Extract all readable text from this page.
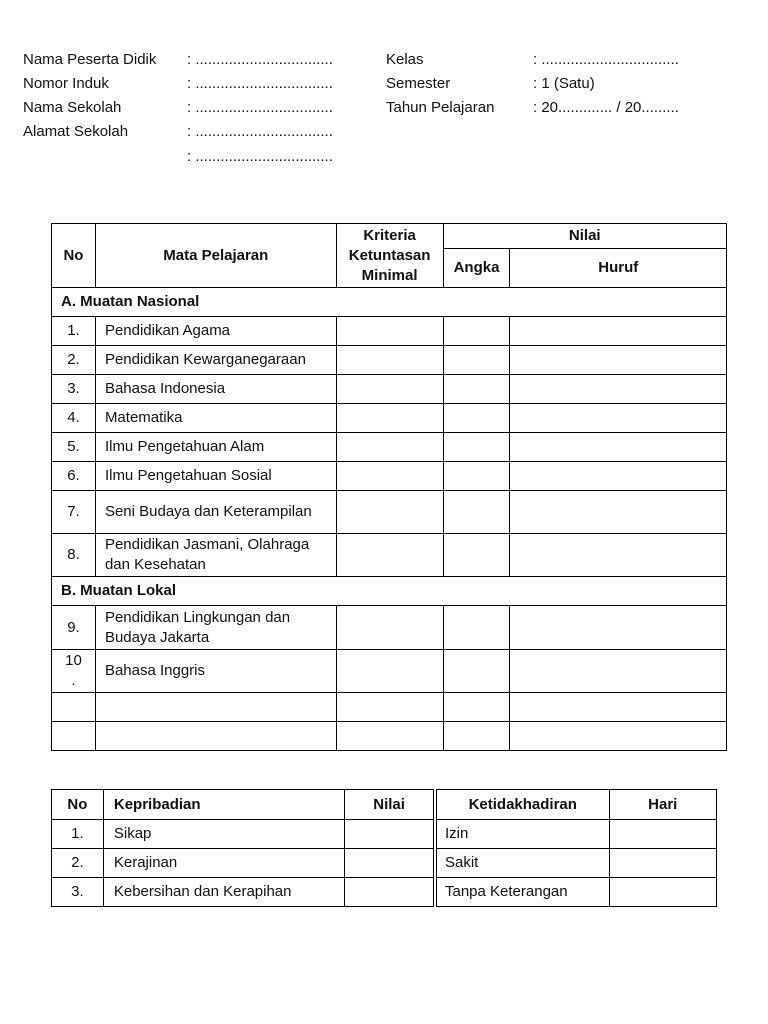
Nama Peserta Didik : .................................
Nomor Induk	: .................................
Nama Sekolah	: .................................
Alamat Sekolah	: .................................
: .................................
Kelas	: .................................
Semester	: 1 (Satu)
Tahun Pelajaran	: 20............. / 20.........
No	Mata Pelajaran	Kriteria
Ketuntasan
Minimal	Nilai	
			Angka	Huruf
A. Muatan Nasional				
1.	Pendidikan Agama			
2.	Pendidikan Kewarganegaraan			
3.	Bahasa Indonesia			
4.	Matematika			
5.	Ilmu Pengetahuan Alam			
6.	Ilmu Pengetahuan Sosial			
7.	Seni Budaya dan Keterampilan			
8.	Pendidikan Jasmani, Olahraga dan Kesehatan			
B. Muatan Lokal				
9.	Pendidikan Lingkungan dan Budaya Jakarta			
10 .	Bahasa Inggris			

No	Kepribadian	Nilai
1.	Sikap	
2.	Kerajinan	
3.	Kebersihan dan Kerapihan	
Ketidakhadiran	Hari
Izin	
Sakit	
Tanpa Keterangan	
